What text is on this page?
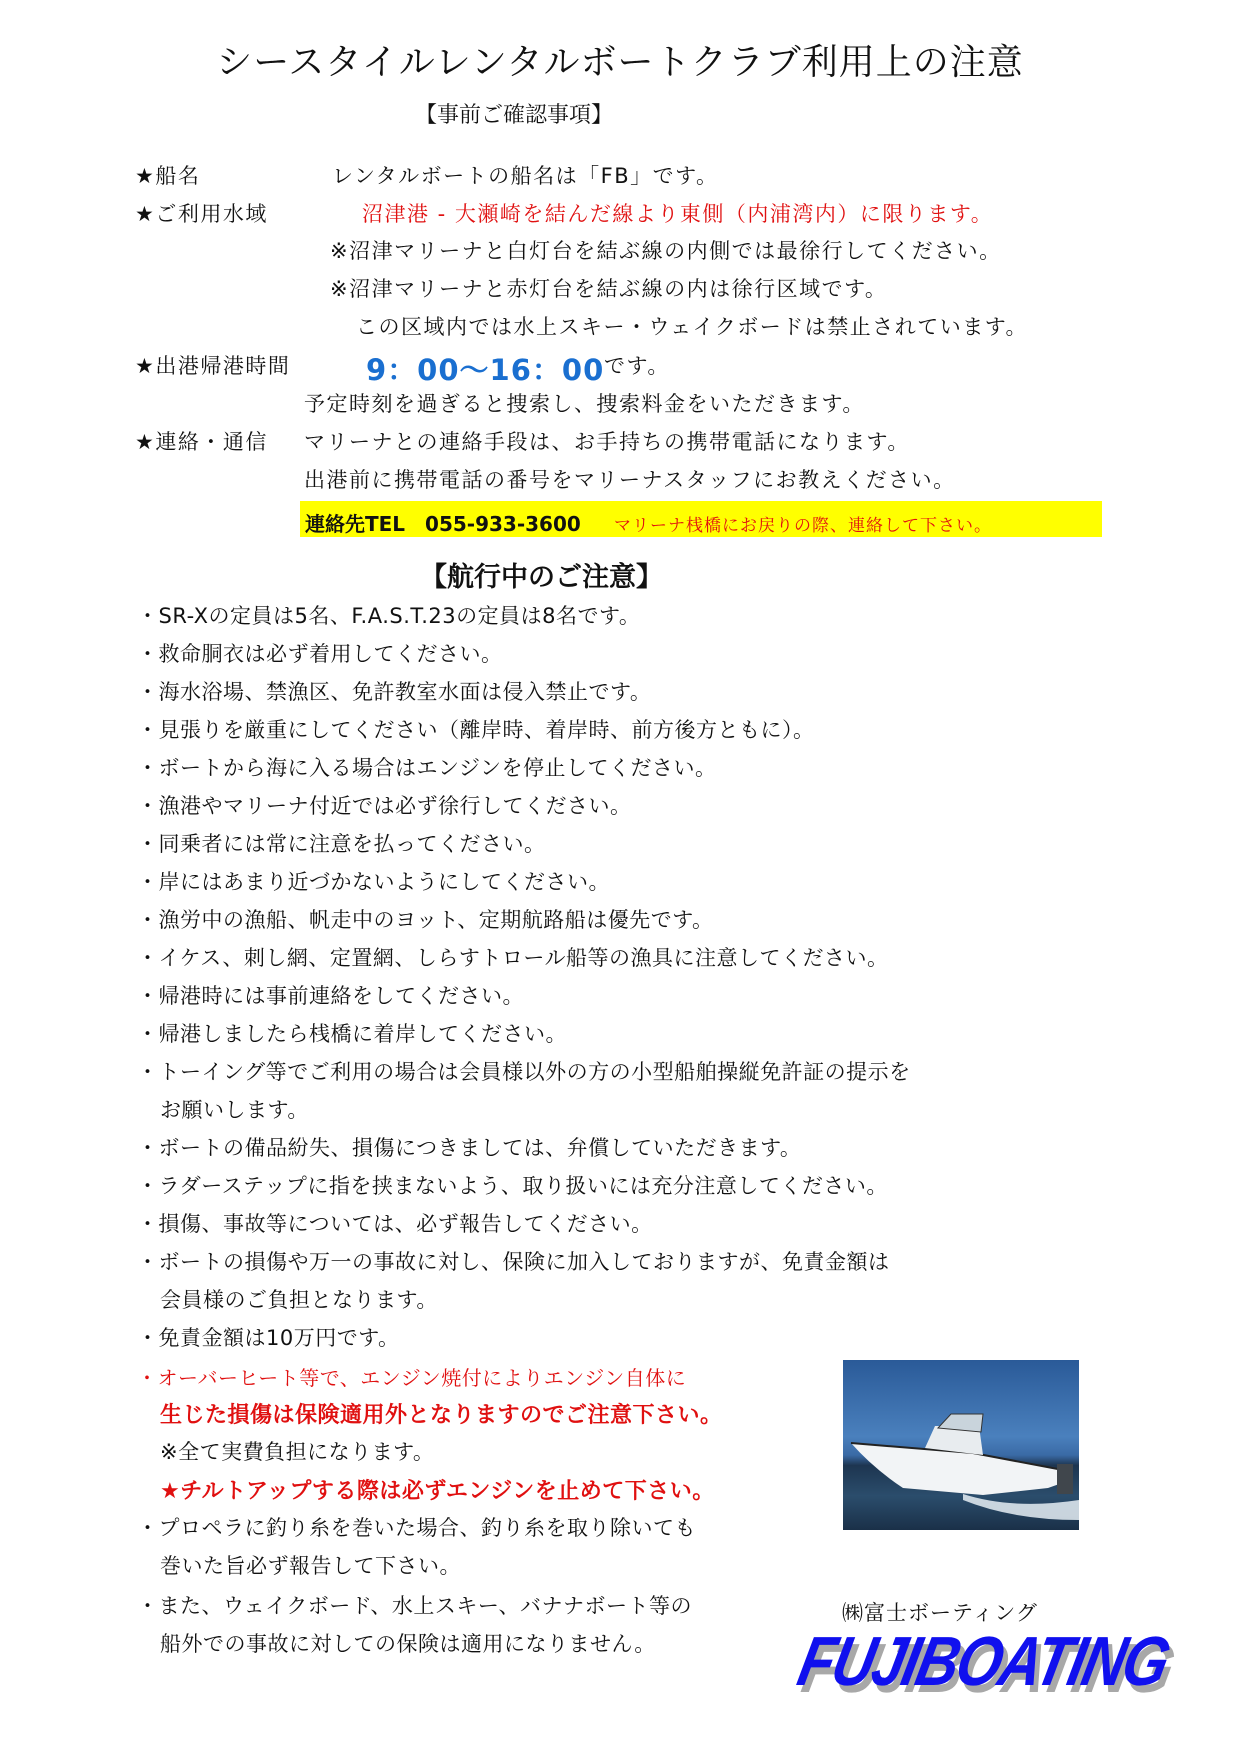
シースタイルレンタルボートクラブ利用上の注意
【事前ご確認事項】
★船名	レンタルボートの船名は「FB」です。
★ご利用水域	沼津港 - 大瀬崎を結んだ線より東側（内浦湾内）に限ります。
※沼津マリーナと白灯台を結ぶ線の内側では最徐行してください。
※沼津マリーナと赤灯台を結ぶ線の内は徐行区域です。
この区域内では水上スキー・ウェイクボードは禁止されています。
★出港帰港時間	9：00～16：00 です。
予定時刻を過ぎると捜索し、捜索料金をいただきます。
★連絡・通信 マリーナとの連絡手段は、お手持ちの携帯電話になります。
出港前に携帯電話の番号をマリーナスタッフにお教えください。
連絡先TEL　055-933-3600 マリーナ桟橋にお戻りの際、連絡して下さい。
【航行中のご注意】
・SR-Xの定員は5名、F.A.S.T.23の定員は8名です。
・救命胴衣は必ず着用してください。
・海水浴場、禁漁区、免許教室水面は侵入禁止です。
・見張りを厳重にしてください（離岸時、着岸時、前方後方ともに）。
・ボートから海に入る場合はエンジンを停止してください。
・漁港やマリーナ付近では必ず徐行してください。
・同乗者には常に注意を払ってください。
・岸にはあまり近づかないようにしてください。
・漁労中の漁船、帆走中のヨット、定期航路船は優先です。
・イケス、刺し網、定置網、しらすトロール船等の漁具に注意してください。
・帰港時には事前連絡をしてください。
・帰港しましたら桟橋に着岸してください。
・トーイング等でご利用の場合は会員様以外の方の小型船舶操縦免許証の提示を
お願いします。
・ボートの備品紛失、損傷につきましては、弁償していただきます。
・ラダーステップに指を挟まないよう、取り扱いには充分注意してください。
・損傷、事故等については、必ず報告してください。
・ボートの損傷や万一の事故に対し、保険に加入しておりますが、免責金額は
会員様のご負担となります。
・免責金額は10万円です。
・オーバーヒート等で、エンジン焼付によりエンジン自体に
生じた損傷は保険適用外となりますのでご注意下さい。
※全て実費負担になります。
★チルトアップする際は必ずエンジンを止めて下さい。
・プロペラに釣り糸を巻いた場合、釣り糸を取り除いても
巻いた旨必ず報告して下さい。
・また、ウェイクボード、水上スキー、バナナボート等の
船外での事故に対しての保険は適用になりません。
㈱富士ボーティング
FUJIBOATING
